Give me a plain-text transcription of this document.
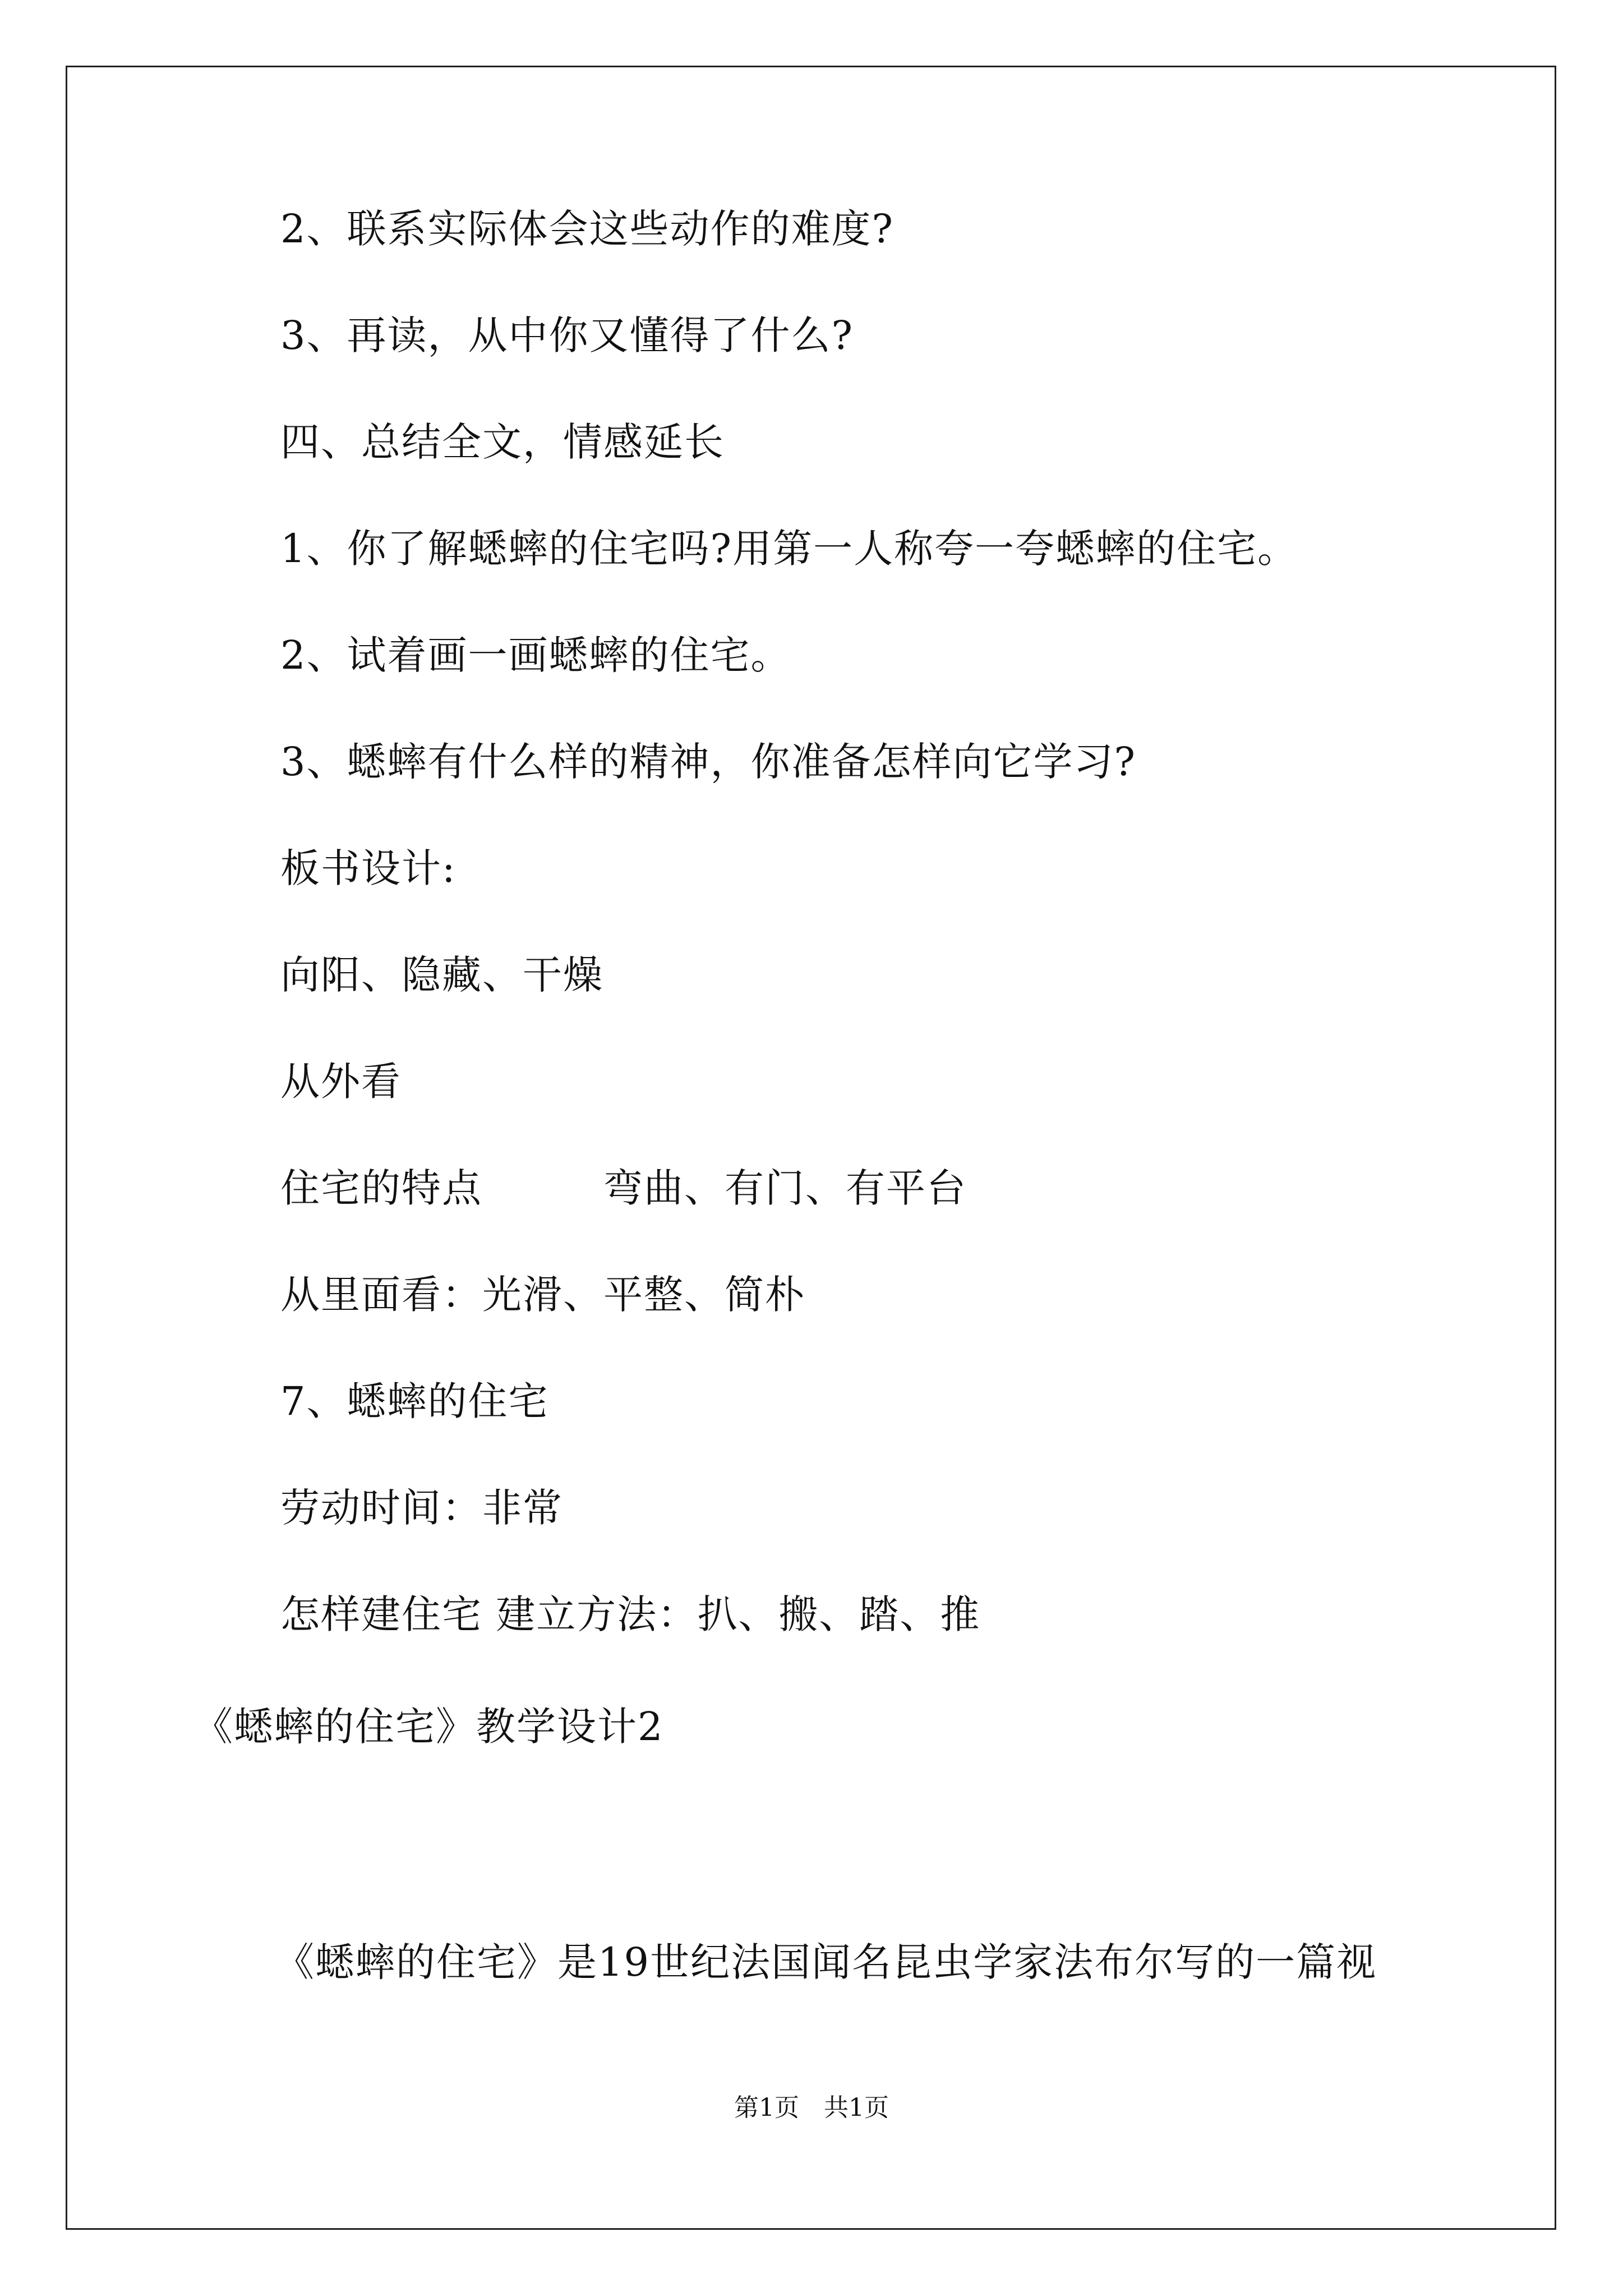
2、联系实际体会这些动作的难度?
3、再读，从中你又懂得了什么?
四、总结全文，情感延长
1、你了解蟋蟀的住宅吗?用第一人称夸一夸蟋蟀的住宅。
2、试着画一画蟋蟀的住宅。
3、蟋蟀有什么样的精神，你准备怎样向它学习?
板书设计:
向阳、隐藏、干燥
从外看
住宅的特点　　　弯曲、有门、有平台
从里面看：光滑、平整、简朴
7、蟋蟀的住宅
劳动时间：非常
怎样建住宅 建立方法：扒、搬、踏、推
《蟋蟀的住宅》教学设计2
《蟋蟀的住宅》是19世纪法国闻名昆虫学家法布尔写的一篇视
第1页　共1页
